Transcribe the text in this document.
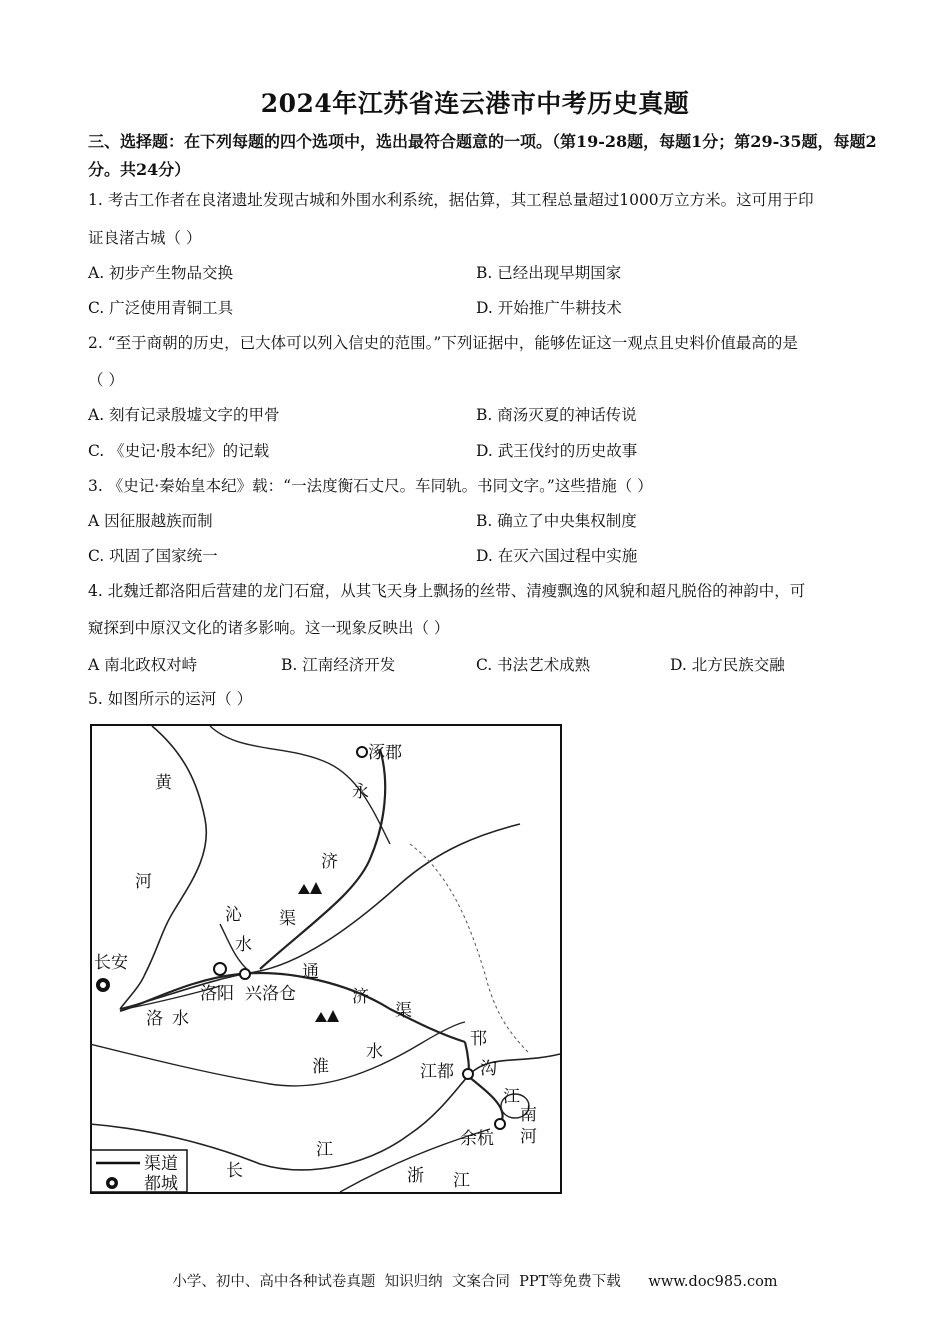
2024年江苏省连云港市中考历史真题
三、选择题：在下列每题的四个选项中，选出最符合题意的一项。（第19-28题，每题1分；第29-35题，每题2分。共24分）
1. 考古工作者在良渚遗址发现古城和外围水利系统，据估算，其工程总量超过1000万立方米。这可用于印
证良渚古城（ ）
A. 初步产生物品交换	B. 已经出现早期国家
C. 广泛使用青铜工具	D. 开始推广牛耕技术
2. “至于商朝的历史，已大体可以列入信史的范围。”下列证据中，能够佐证这一观点且史料价值最高的是
（ ）
A. 刻有记录殷墟文字的甲骨	B. 商汤灭夏的神话传说
C. 《史记·殷本纪》的记载	D. 武王伐纣的历史故事
3. 《史记·秦始皇本纪》载：“一法度衡石丈尺。车同轨。书同文字。”这些措施（ ）
A 因征服越族而制	B. 确立了中央集权制度
C. 巩固了国家统一	D. 在灭六国过程中实施
4. 北魏迁都洛阳后营建的龙门石窟，从其飞天身上飘扬的丝带、清瘦飘逸的风貌和超凡脱俗的神韵中，可
窥探到中原汉文化的诸多影响。这一现象反映出（ ）
A 南北政权对峙	B. 江南经济开发	C. 书法艺术成熟	D. 北方民族交融
5. 如图所示的运河（ ）
涿郡
永
济
渠
黄
河
沁
水
长安
洛阳 兴洛仓
通
济
渠
洛 水
淮
水
邗
沟
江都
江
南
河
余杭
江
长	浙 江
渠道
都城
小学、初中、高中各种试卷真题  知识归纳  文案合同  PPT等免费下载      www.doc985.com
